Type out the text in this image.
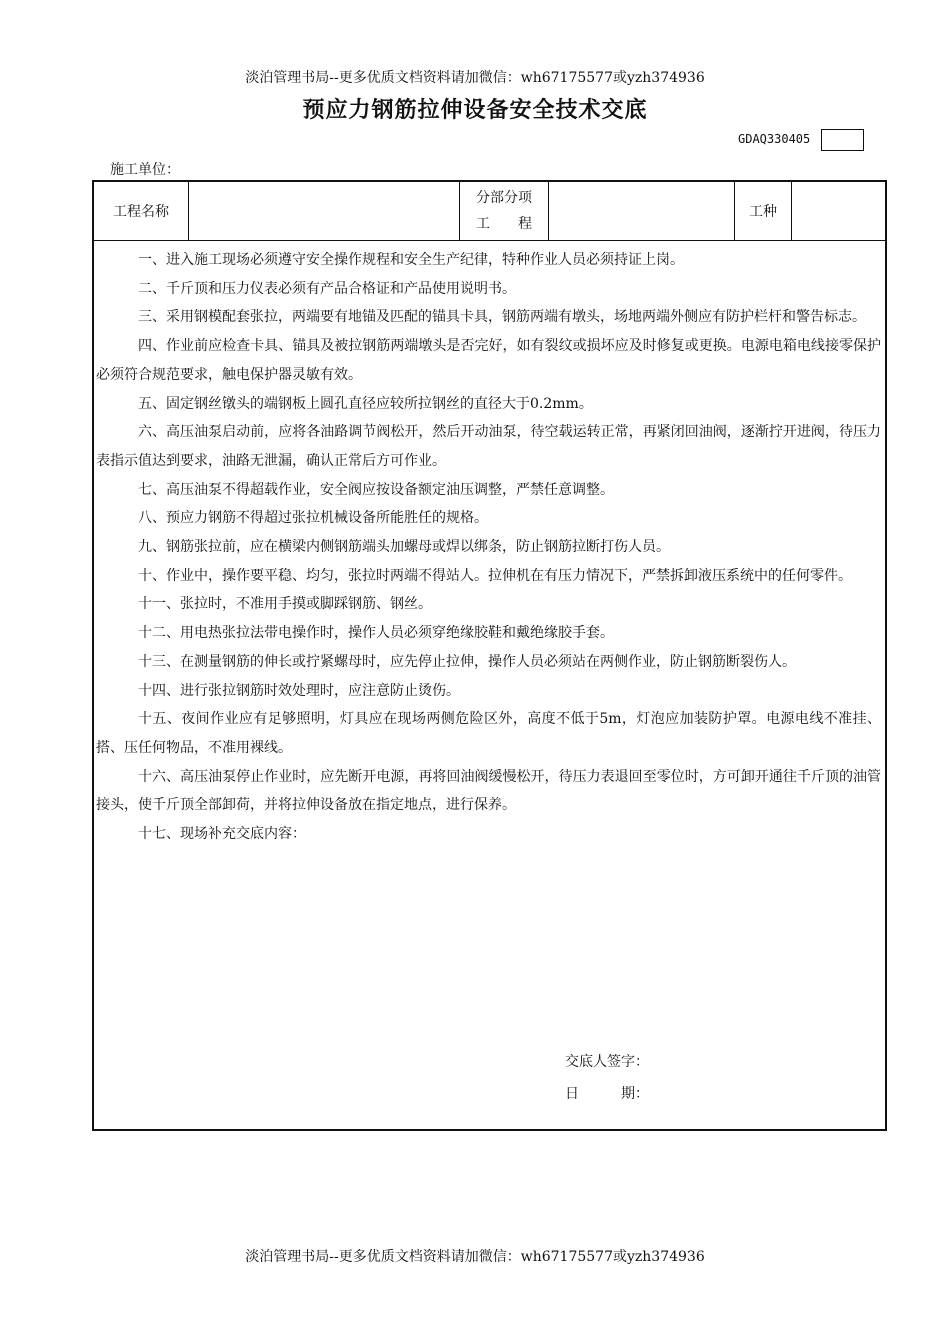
淡泊管理书局--更多优质文档资料请加微信：wh67175577或yzh374936
预应力钢筋拉伸设备安全技术交底
GDAQ330405
施工单位：
工程名称
分部分项
工　　程
工种

一、进入施工现场必须遵守安全操作规程和安全生产纪律，特种作业人员必须持证上岗。

二、千斤顶和压力仪表必须有产品合格证和产品使用说明书。

三、采用钢模配套张拉，两端要有地锚及匹配的锚具卡具，钢筋两端有墩头，场地两端外侧应有防护栏杆和警告标志。

四、作业前应检查卡具、锚具及被拉钢筋两端墩头是否完好，如有裂纹或损坏应及时修复或更换。电源电箱电线接零保护必须符合规范要求，触电保护器灵敏有效。

五、固定钢丝镦头的端钢板上圆孔直径应较所拉钢丝的直径大于0.2mm。

六、高压油泵启动前，应将各油路调节阀松开，然后开动油泵，待空载运转正常，再紧闭回油阀，逐渐拧开进阀，待压力表指示值达到要求，油路无泄漏，确认正常后方可作业。

七、高压油泵不得超载作业，安全阀应按设备额定油压调整，严禁任意调整。

八、预应力钢筋不得超过张拉机械设备所能胜任的规格。

九、钢筋张拉前，应在横梁内侧钢筋端头加螺母或焊以绑条，防止钢筋拉断打伤人员。

十、作业中，操作要平稳、均匀，张拉时两端不得站人。拉伸机在有压力情况下，严禁拆卸液压系统中的任何零件。

十一、张拉时，不准用手摸或脚踩钢筋、钢丝。

十二、用电热张拉法带电操作时，操作人员必须穿绝缘胶鞋和戴绝缘胶手套。

十三、在测量钢筋的伸长或拧紧螺母时，应先停止拉伸，操作人员必须站在两侧作业，防止钢筋断裂伤人。

十四、进行张拉钢筋时效处理时，应注意防止烫伤。

十五、夜间作业应有足够照明，灯具应在现场两侧危险区外，高度不低于5m，灯泡应加装防护罩。电源电线不准挂、搭、压任何物品，不准用裸线。

十六、高压油泵停止作业时，应先断开电源，再将回油阀缓慢松开，待压力表退回至零位时，方可卸开通往千斤顶的油管接头，使千斤顶全部卸荷，并将拉伸设备放在指定地点，进行保养。

十七、现场补充交底内容：

交底人签字：
日　　　期：
淡泊管理书局--更多优质文档资料请加微信：wh67175577或yzh374936
